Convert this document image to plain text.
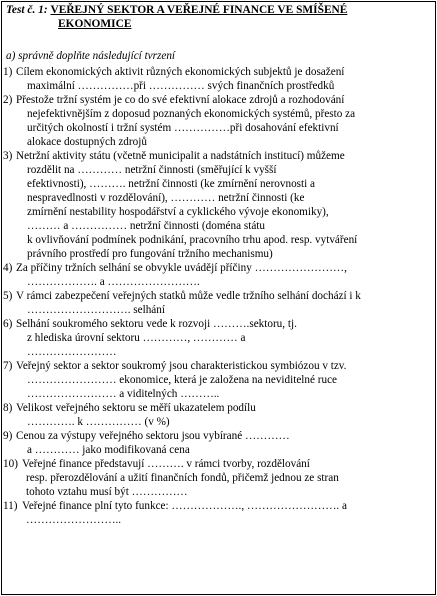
Test č. 1: VEŘEJNÝ SEKTOR A VEŘEJNÉ FINANCE VE SMÍŠENÉ
EKONOMICE
a) správně doplňte následující tvrzení
1) Cílem ekonomických aktivit různých ekonomických subjektů je dosažení
maximální ……………při …………… svých finančních prostředků
2) Přestože tržní systém je co do své efektivní alokace zdrojů a rozhodování
nejefektivnějším z doposud poznaných ekonomických systémů, přesto za
určitých okolností i tržní systém ……………při dosahování efektivní
alokace dostupných zdrojů
3) Netržní aktivity státu (včetně municipalit a nadstátních institucí) můžeme
rozdělit na ………… netržní činnosti (směřující k vyšší
efektivnosti), ………. netržní činnosti (ke zmírnění nerovnosti a
nespravedlnosti v rozdělování), ………… netržní činnosti (ke
zmírnění nestability hospodářství a cyklického vývoje ekonomiky),
……… a …………… netržní činnosti (doména státu
k ovlivňování podmínek podnikání, pracovního trhu apod. resp. vytváření
právního prostředí pro fungování tržního mechanismu)
4) Za příčiny tržních selhání se obvykle uvádějí příčiny ……………………,
………………. a …………………….
5) V rámci zabezpečení veřejných statků může vedle tržního selhání dochází i k
………………………. selhání
6) Selhání soukromého sektoru vede k rozvoji ……….sektoru, tj.
z hlediska úrovní sektoru …………, ………… a
……………………
7) Veřejný sektor a sektor soukromý jsou charakteristickou symbiózou v tzv.
…………………… ekonomice, která je založena na neviditelné ruce
…………………… a viditelných ………..
8) Velikost veřejného sektoru se měří ukazatelem podílu
…………. k …………… (v %)
9) Cenou za výstupy veřejného sektoru jsou vybírané …………
a ………… jako modifikovaná cena
10) Veřejné finance představují ………. v rámci tvorby, rozdělování
resp. přerozdělování a užití finančních fondů, přičemž jednou ze stran
tohoto vztahu musí být ……………
11) Veřejné finance plní tyto funkce: ………………., ……………………. a
……………………..
